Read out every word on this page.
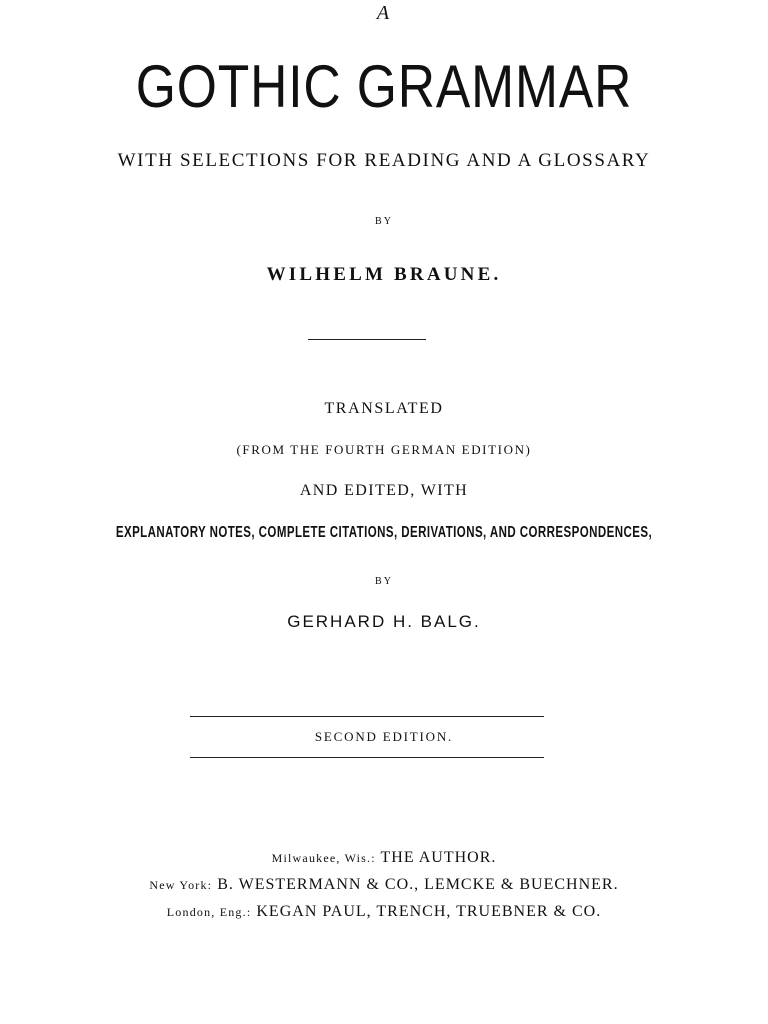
A
GOTHIC GRAMMAR
WITH SELECTIONS FOR READING AND A GLOSSARY
BY
WILHELM BRAUNE.
TRANSLATED
(FROM THE FOURTH GERMAN EDITION)
AND EDITED, WITH
EXPLANATORY NOTES, COMPLETE CITATIONS, DERIVATIONS, AND CORRESPONDENCES,
BY
GERHARD H. BALG.
SECOND EDITION.
Milwaukee, Wis.: THE AUTHOR.
New York: B. WESTERMANN & CO., LEMCKE & BUECHNER.
London, Eng.: KEGAN PAUL, TRENCH, TRUEBNER & CO.
